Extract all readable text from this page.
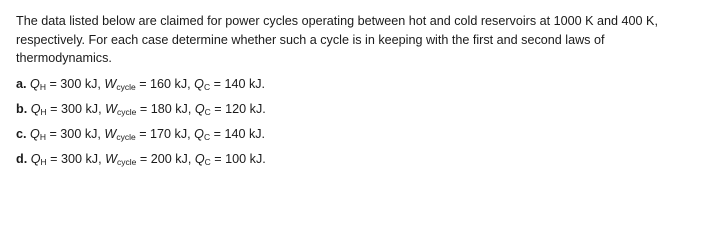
The data listed below are claimed for power cycles operating between hot and cold reservoirs at 1000 K and 400 K, respectively. For each case determine whether such a cycle is in keeping with the first and second laws of thermodynamics.

a. $Q_H = 300$ kJ, $W_{cycle} = 160$ kJ, $Q_C = 140$ kJ.
b. $Q_H = 300$ kJ, $W_{cycle} = 180$ kJ, $Q_C = 120$ kJ.
c. $Q_H = 300$ kJ, $W_{cycle} = 170$ kJ, $Q_C = 140$ kJ.
d. $Q_H = 300$ kJ, $W_{cycle} = 200$ kJ, $Q_C = 100$ kJ.
